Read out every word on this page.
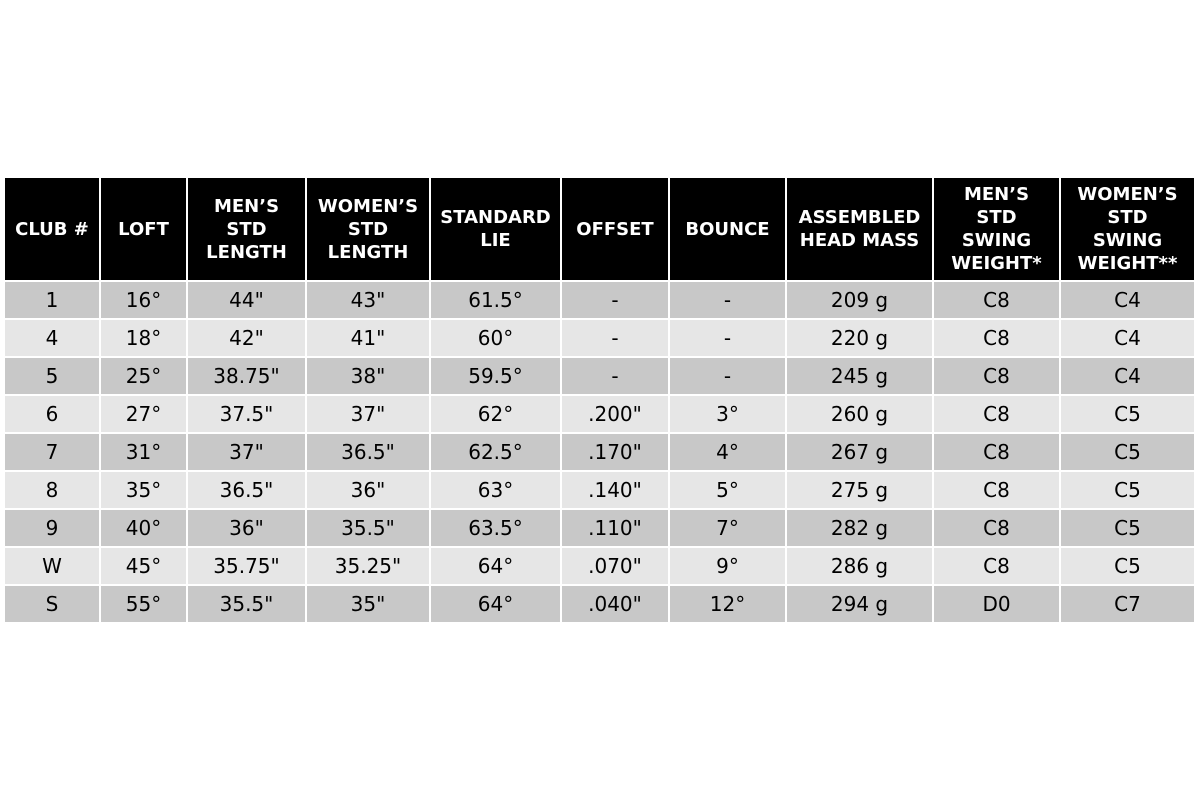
CLUB #	LOFT	MEN’S
STD
LENGTH	WOMEN’S
STD
LENGTH	STANDARD
LIE	OFFSET	BOUNCE	ASSEMBLED
HEAD MASS	MEN’S
STD
SWING
WEIGHT*	WOMEN’S
STD
SWING
WEIGHT**
1	16°	44"	43"	61.5°	-	-	209 g	C8	C4
4	18°	42"	41"	60°	-	-	220 g	C8	C4
5	25°	38.75"	38"	59.5°	-	-	245 g	C8	C4
6	27°	37.5"	37"	62°	.200"	3°	260 g	C8	C5
7	31°	37"	36.5"	62.5°	.170"	4°	267 g	C8	C5
8	35°	36.5"	36"	63°	.140"	5°	275 g	C8	C5
9	40°	36"	35.5"	63.5°	.110"	7°	282 g	C8	C5
W	45°	35.75"	35.25"	64°	.070"	9°	286 g	C8	C5
S	55°	35.5"	35"	64°	.040"	12°	294 g	D0	C7
